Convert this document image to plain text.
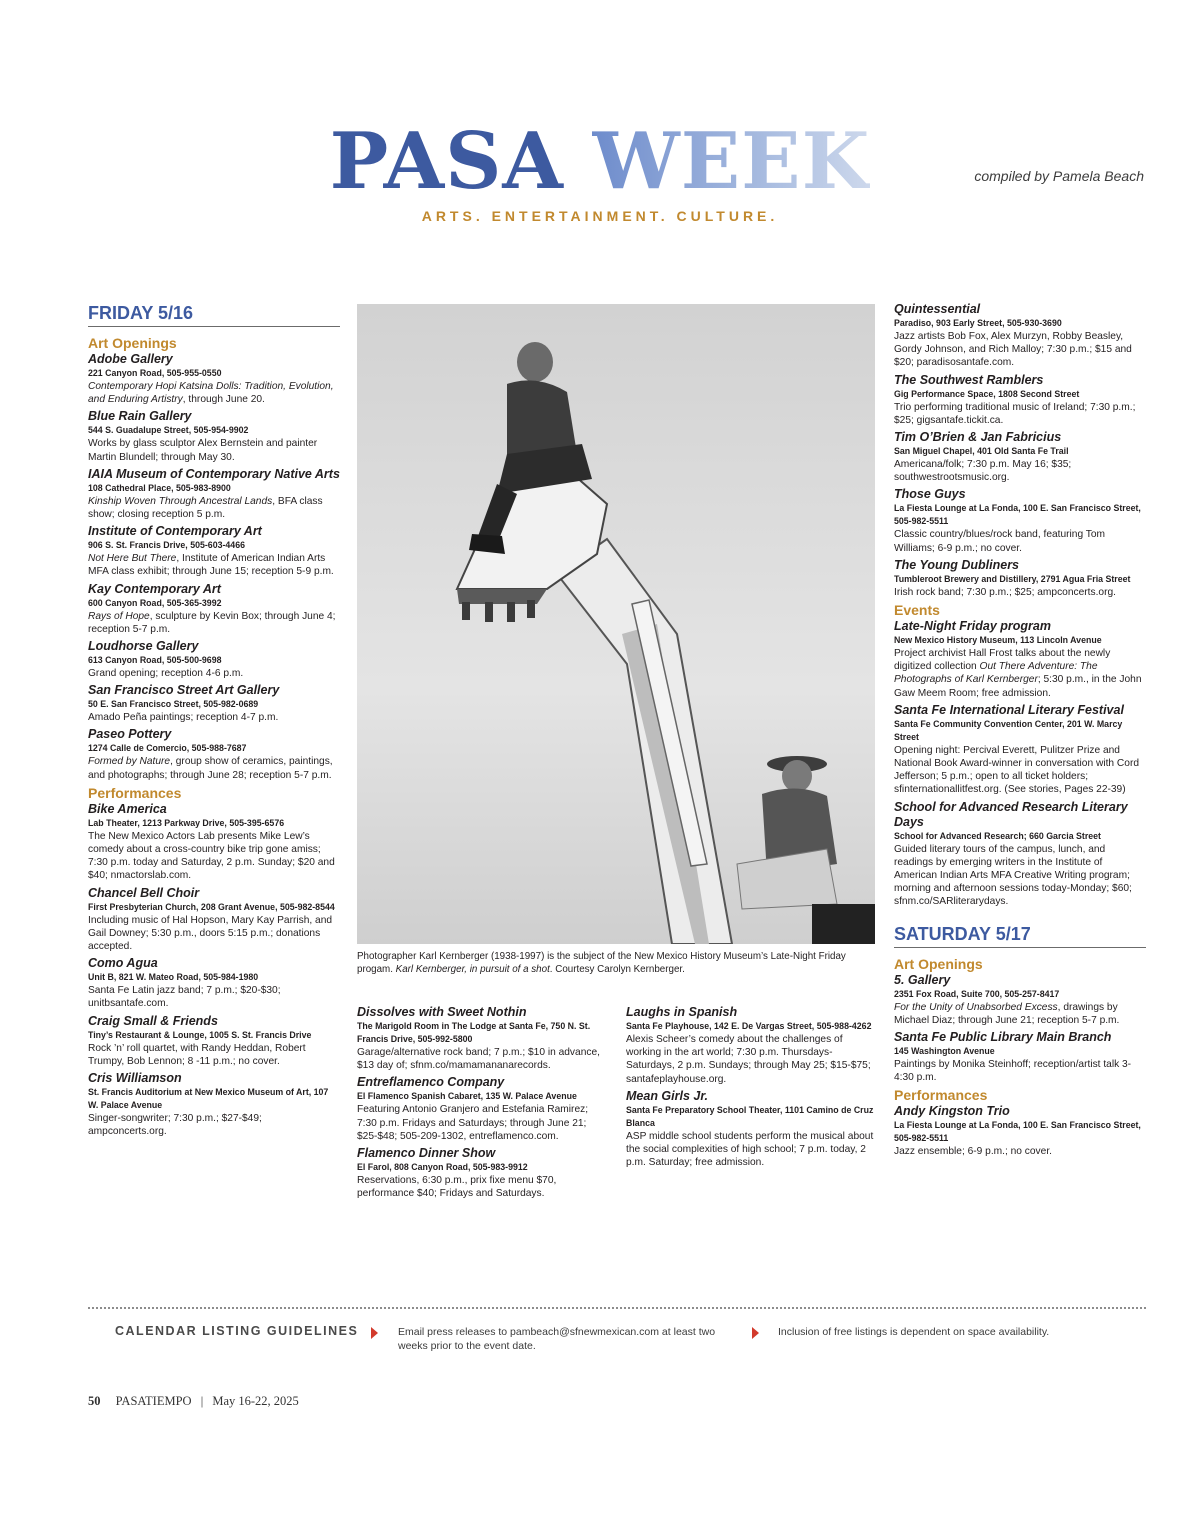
PASA WEEK
ARTS. ENTERTAINMENT. CULTURE.
compiled by Pamela Beach
FRIDAY 5/16
Art Openings
Adobe Gallery
221 Canyon Road, 505-955-0550
Contemporary Hopi Katsina Dolls: Tradition, Evolution, and Enduring Artistry, through June 20.
Blue Rain Gallery
544 S. Guadalupe Street, 505-954-9902
Works by glass sculptor Alex Bernstein and painter Martin Blundell; through May 30.
IAIA Museum of Contemporary Native Arts
108 Cathedral Place, 505-983-8900
Kinship Woven Through Ancestral Lands, BFA class show; closing reception 5 p.m.
Institute of Contemporary Art
906 S. St. Francis Drive, 505-603-4466
Not Here But There, Institute of American Indian Arts MFA class exhibit; through June 15; reception 5-9 p.m.
Kay Contemporary Art
600 Canyon Road, 505-365-3992
Rays of Hope, sculpture by Kevin Box; through June 4; reception 5-7 p.m.
Loudhorse Gallery
613 Canyon Road, 505-500-9698
Grand opening; reception 4-6 p.m.
San Francisco Street Art Gallery
50 E. San Francisco Street, 505-982-0689
Amado Peña paintings; reception 4-7 p.m.
Paseo Pottery
1274 Calle de Comercio, 505-988-7687
Formed by Nature, group show of ceramics, paintings, and photographs; through June 28; reception 5-7 p.m.
Performances
Bike America
Lab Theater, 1213 Parkway Drive, 505-395-6576
The New Mexico Actors Lab presents Mike Lew’s comedy about a cross-country bike trip gone amiss; 7:30 p.m. today and Saturday, 2 p.m. Sunday; $20 and $40; nmactorslab.com.
Chancel Bell Choir
First Presbyterian Church, 208 Grant Avenue, 505-982-8544
Including music of Hal Hopson, Mary Kay Parrish, and Gail Downey; 5:30 p.m., doors 5:15 p.m.; donations accepted.
Como Agua
Unit B, 821 W. Mateo Road, 505-984-1980
Santa Fe Latin jazz band; 7 p.m.; $20-$30; unitbsantafe.com.
Craig Small & Friends
Tiny’s Restaurant & Lounge, 1005 S. St. Francis Drive
Rock ’n’ roll quartet, with Randy Heddan, Robert Trumpy, Bob Lennon; 8 -11 p.m.; no cover.
Cris Williamson
St. Francis Auditorium at New Mexico Museum of Art, 107 W. Palace Avenue
Singer-songwriter; 7:30 p.m.; $27-$49; ampconcerts.org.
Photographer Karl Kernberger (1938-1997) is the subject of the New Mexico History Museum’s Late-Night Friday progam. Karl Kernberger, in pursuit of a shot. Courtesy Carolyn Kernberger.
Dissolves with Sweet Nothin
The Marigold Room in The Lodge at Santa Fe, 750 N. St. Francis Drive, 505-992-5800
Garage/alternative rock band; 7 p.m.; $10 in advance, $13 day of; sfnm.co/mamamananarecords.
Entreflamenco Company
El Flamenco Spanish Cabaret, 135 W. Palace Avenue
Featuring Antonio Granjero and Estefania Ramirez; 7:30 p.m. Fridays and Saturdays; through June 21; $25-$48; 505-209-1302, entreflamenco.com.
Flamenco Dinner Show
El Farol, 808 Canyon Road, 505-983-9912
Reservations, 6:30 p.m., prix fixe menu $70, performance $40; Fridays and Saturdays.
Laughs in Spanish
Santa Fe Playhouse, 142 E. De Vargas Street, 505-988-4262
Alexis Scheer’s comedy about the challenges of working in the art world; 7:30 p.m. Thursdays-Saturdays, 2 p.m. Sundays; through May 25; $15-$75; santafeplayhouse.org.
Mean Girls Jr.
Santa Fe Preparatory School Theater, 1101 Camino de Cruz Blanca
ASP middle school students perform the musical about the social complexities of high school; 7 p.m. today, 2 p.m. Saturday; free admission.
Quintessential
Paradiso, 903 Early Street, 505-930-3690
Jazz artists Bob Fox, Alex Murzyn, Robby Beasley, Gordy Johnson, and Rich Malloy; 7:30 p.m.; $15 and $20; paradisosantafe.com.
The Southwest Ramblers
Gig Performance Space, 1808 Second Street
Trio performing traditional music of Ireland; 7:30 p.m.; $25; gigsantafe.tickit.ca.
Tim O’Brien & Jan Fabricius
San Miguel Chapel, 401 Old Santa Fe Trail
Americana/folk; 7:30 p.m. May 16; $35; southwestrootsmusic.org.
Those Guys
La Fiesta Lounge at La Fonda, 100 E. San Francisco Street, 505-982-5511
Classic country/blues/rock band, featuring Tom Williams; 6-9 p.m.; no cover.
The Young Dubliners
Tumbleroot Brewery and Distillery, 2791 Agua Fria Street
Irish rock band; 7:30 p.m.; $25; ampconcerts.org.
Events
Late-Night Friday program
New Mexico History Museum, 113 Lincoln Avenue
Project archivist Hall Frost talks about the newly digitized collection Out There Adventure: The Photographs of Karl Kernberger; 5:30 p.m., in the John Gaw Meem Room; free admission.
Santa Fe International Literary Festival
Santa Fe Community Convention Center, 201 W. Marcy Street
Opening night: Percival Everett, Pulitzer Prize and National Book Award-winner in conversation with Cord Jefferson; 5 p.m.; open to all ticket holders; sfinternationallitfest.org. (See stories, Pages 22-39)
School for Advanced Research Literary Days
School for Advanced Research; 660 Garcia Street
Guided literary tours of the campus, lunch, and readings by emerging writers in the Institute of American Indian Arts MFA Creative Writing program; morning and afternoon sessions today-Monday; $60; sfnm.co/SARliterarydays.
SATURDAY 5/17
Art Openings
5. Gallery
2351 Fox Road, Suite 700, 505-257-8417
For the Unity of Unabsorbed Excess, drawings by Michael Diaz; through June 21; reception 5-7 p.m.
Santa Fe Public Library Main Branch
145 Washington Avenue
Paintings by Monika Steinhoff; reception/artist talk 3-4:30 p.m.
Performances
Andy Kingston Trio
La Fiesta Lounge at La Fonda, 100 E. San Francisco Street, 505-982-5511
Jazz ensemble; 6-9 p.m.; no cover.
CALENDAR LISTING GUIDELINES	Email press releases to pambeach@sfnewmexican.com at least two weeks prior to the event date.
Inclusion of free listings is dependent on space availability.
50 PASATIEMPO | May 16-22, 2025
